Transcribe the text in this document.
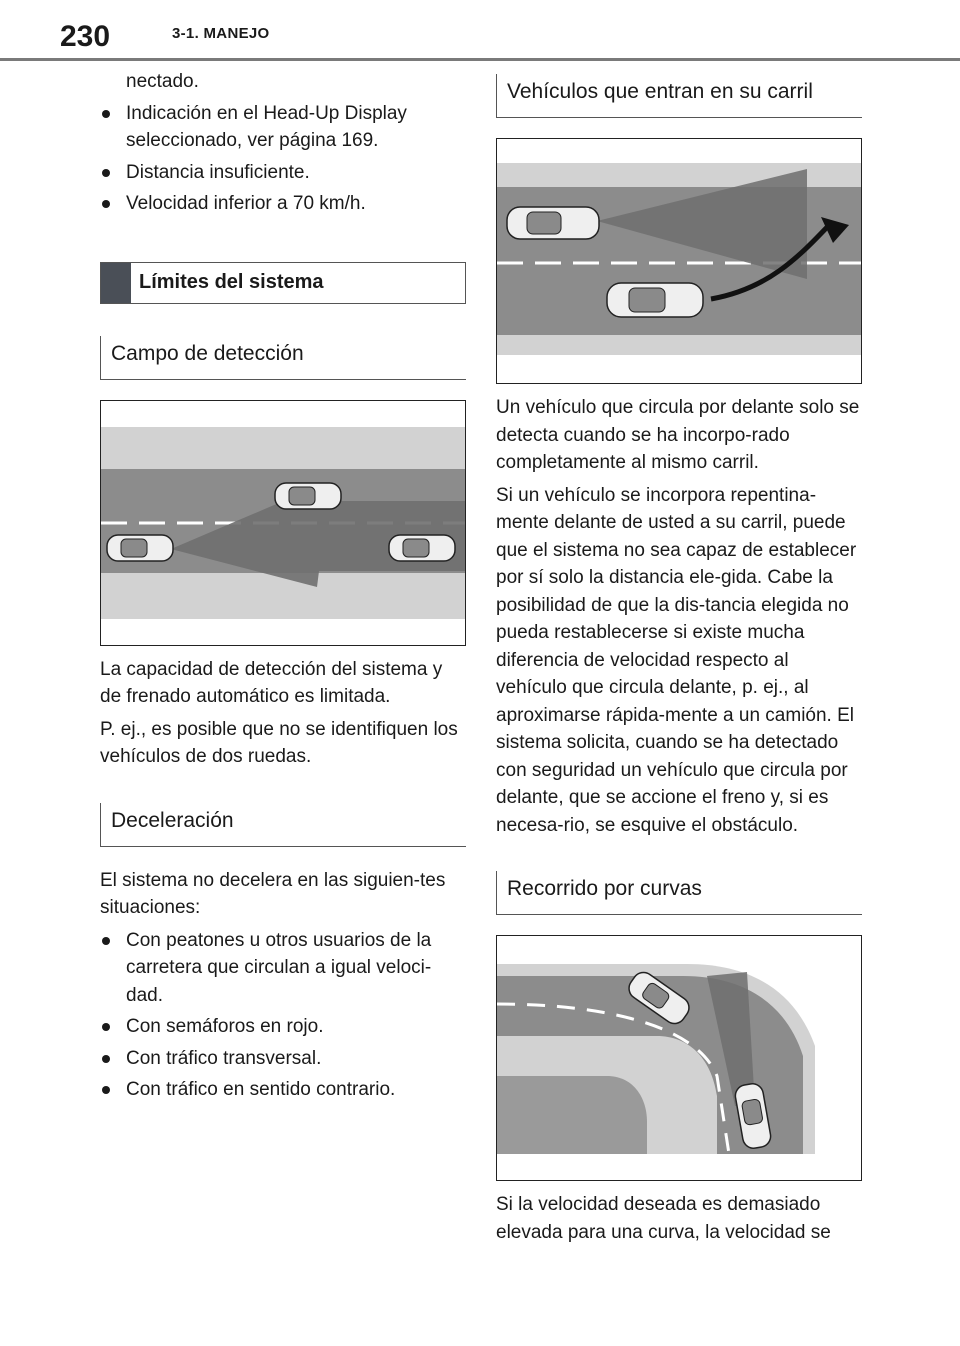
230	3-1. MANEJO
nectado.
Indicación en el Head-Up Display seleccionado, ver página 169.
Distancia insuficiente.
Velocidad inferior a 70 km/h.
Límites del sistema
Campo de detección

La capacidad de detección del sistema y de frenado automático es limitada.

P. ej., es posible que no se identifiquen los vehículos de dos ruedas.

Deceleración

El sistema no decelera en las siguien-tes situaciones:

Con peatones u otros usuarios de la carretera que circulan a igual veloci-dad.
Con semáforos en rojo.
Con tráfico transversal.
Con tráfico en sentido contrario.
Vehículos que entran en su carril

Un vehículo que circula por delante solo se detecta cuando se ha incorpo-rado completamente al mismo carril.

Si un vehículo se incorpora repentina-mente delante de usted a su carril, puede que el sistema no sea capaz de establecer por sí solo la distancia ele-gida. Cabe la posibilidad de que la dis-tancia elegida no pueda restablecerse si existe mucha diferencia de velocidad respecto al vehículo que circula delante, p. ej., al aproximarse rápida-mente a un camión. El sistema solicita, cuando se ha detectado con seguridad un vehículo que circula por delante, que se accione el freno y, si es necesa-rio, se esquive el obstáculo.

Recorrido por curvas

Si la velocidad deseada es demasiado elevada para una curva, la velocidad se
